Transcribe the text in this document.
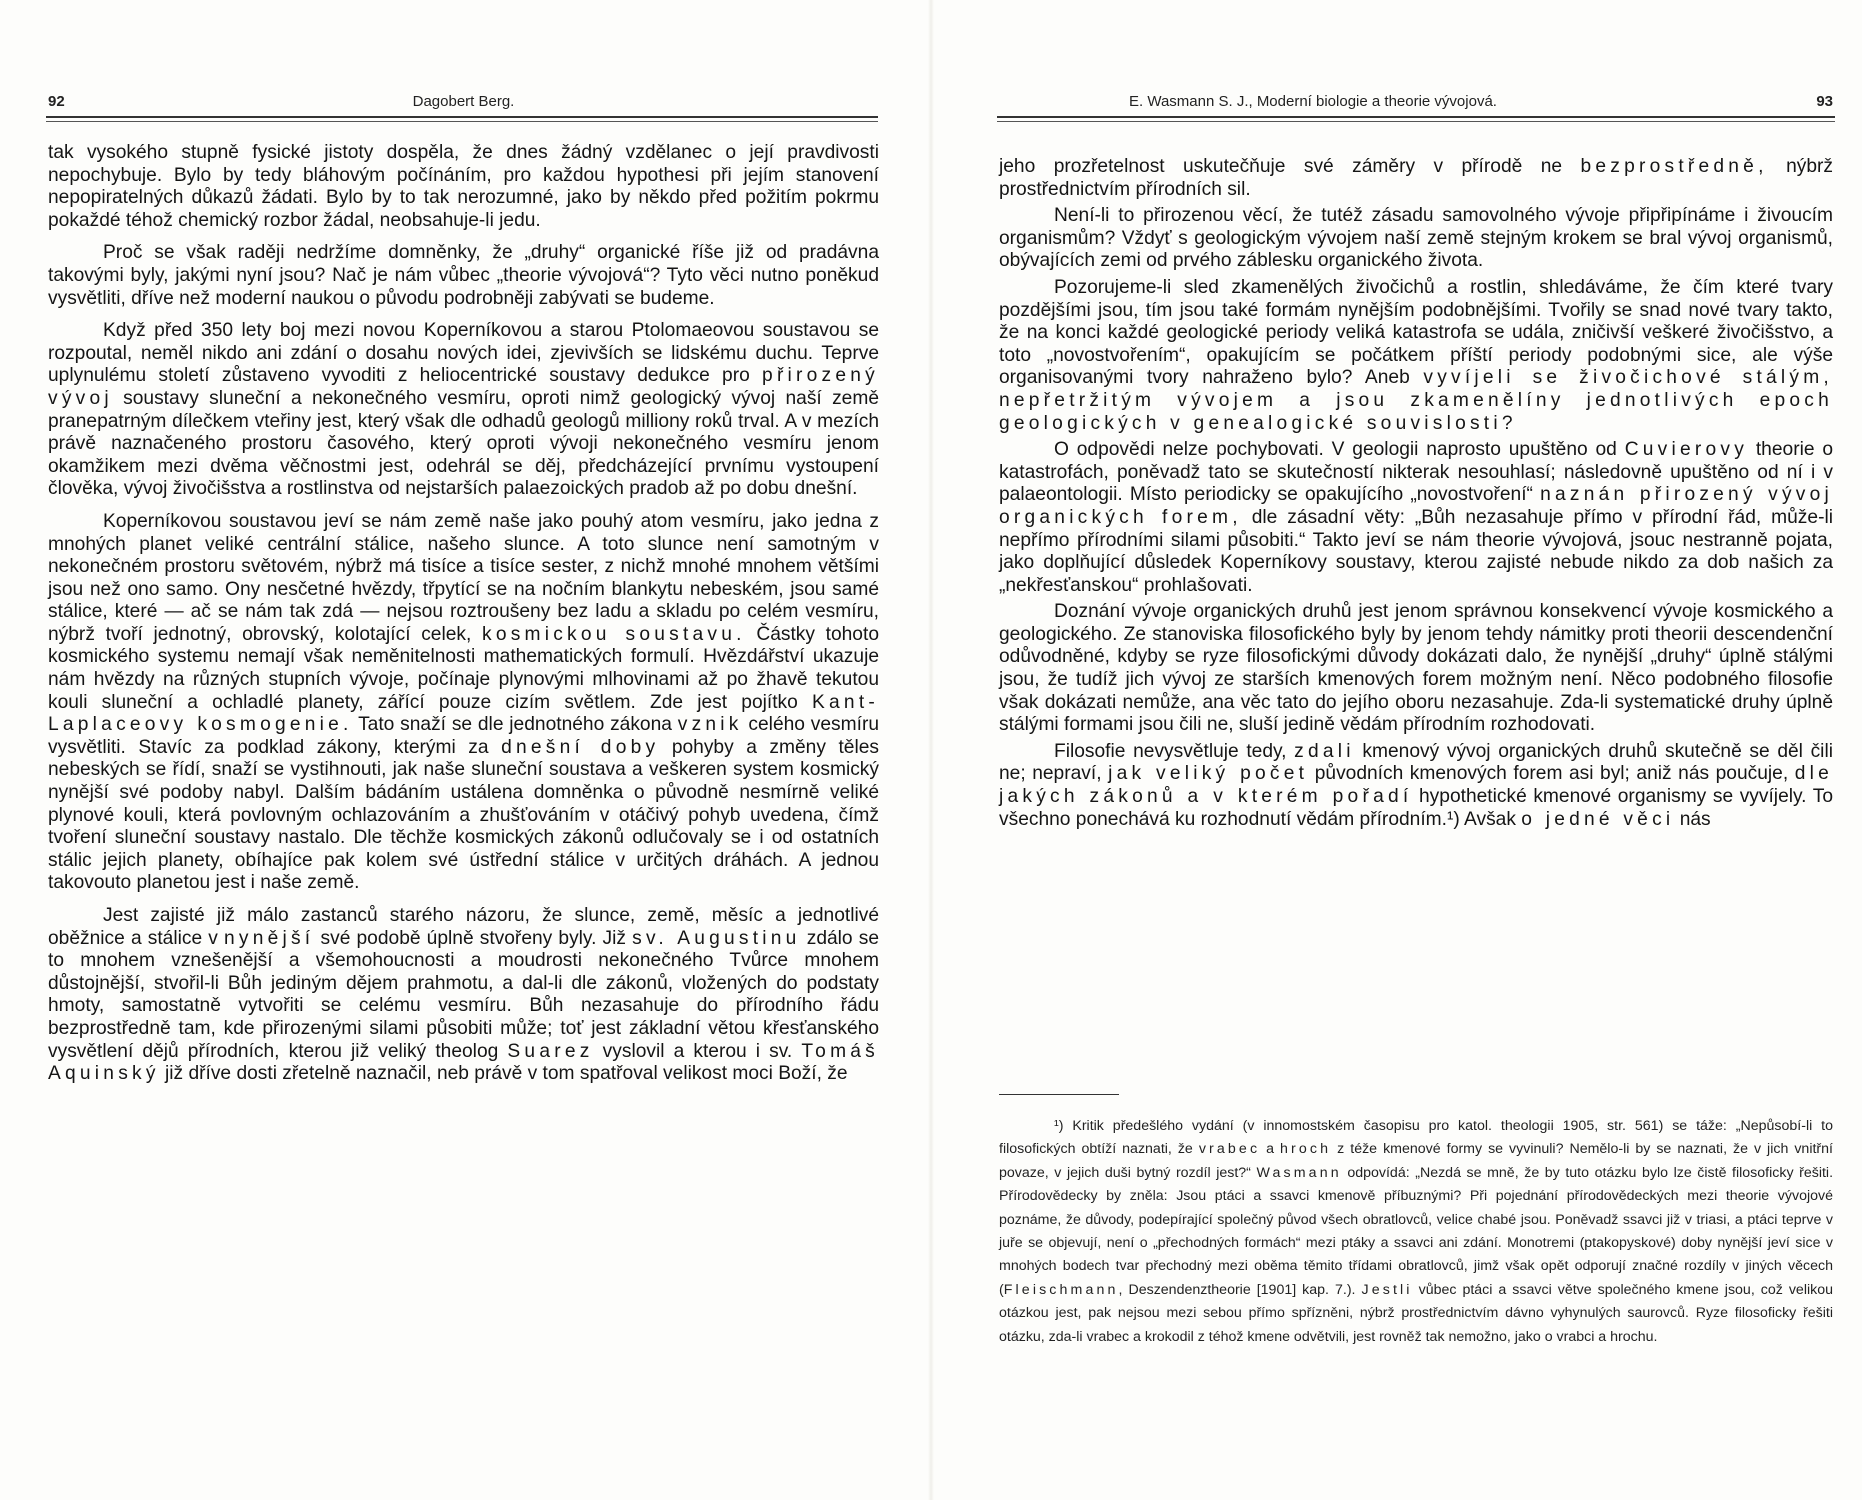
92	Dagobert Berg.

tak vysokého stupně fysické jistoty dospěla, že dnes žádný vzdělanec o její pravdivosti nepochybuje. Bylo by tedy bláhovým počínáním, pro každou hypothesi při jejím stanovení nepopiratelných důkazů žádati. Bylo by to tak nerozumné, jako by někdo před požitím pokrmu pokaždé téhož chemický rozbor žádal, neobsahuje-li jedu.

Proč se však raději nedržíme domněnky, že „druhy“ organické říše již od pradávna takovými byly, jakými nyní jsou? Nač je nám vůbec „theorie vývojová“? Tyto věci nutno poněkud vysvětliti, dříve než moderní naukou o původu podrobněji zabývati se budeme.

Když před 350 lety boj mezi novou Koperníkovou a starou Ptolomaeovou soustavou se rozpoutal, neměl nikdo ani zdání o dosahu nových idei, zjevivších se lidskému duchu. Teprve uplynulému století zůstaveno vyvoditi z heliocentrické soustavy dedukce pro přirozený vývoj soustavy sluneční a nekonečného vesmíru, oproti nimž geologický vývoj naší země pranepatrným dílečkem vteřiny jest, který však dle odhadů geologů milliony roků trval. A v mezích právě naznačeného prostoru časového, který oproti vývoji nekonečného vesmíru jenom okamžikem mezi dvěma věčnostmi jest, odehrál se děj, předcházející prvnímu vystoupení člověka, vývoj živočišstva a rostlinstva od nejstarších palaezoických pradob až po dobu dnešní.

Koperníkovou soustavou jeví se nám země naše jako pouhý atom vesmíru, jako jedna z mnohých planet veliké centrální stálice, našeho slunce. A toto slunce není samotným v nekonečném prostoru světovém, nýbrž má tisíce a tisíce sester, z nichž mnohé mnohem většími jsou než ono samo. Ony nesčetné hvězdy, třpytící se na nočním blankytu nebeském, jsou samé stálice, které — ač se nám tak zdá — nejsou roztroušeny bez ladu a skladu po celém vesmíru, nýbrž tvoří jednotný, obrovský, kolotající celek, kosmickou soustavu. Částky tohoto kosmického systemu nemají však neměnitelnosti mathematických formulí. Hvězdářství ukazuje nám hvězdy na různých stupních vývoje, počínaje plynovými mlhovinami až po žhavě tekutou kouli sluneční a ochladlé planety, zářící pouze cizím světlem. Zde jest pojítko Kant-Laplaceovy kosmogenie. Tato snaží se dle jednotného zákona vznik celého vesmíru vysvětliti. Stavíc za podklad zákony, kterými za dnešní doby pohyby a změny těles nebeských se řídí, snaží se vystihnouti, jak naše sluneční soustava a veškeren system kosmický nynější své podoby nabyl. Dalším bádáním ustálena domněnka o původně nesmírně veliké plynové kouli, která povlovným ochlazováním a zhušťováním v otáčivý pohyb uvedena, čímž tvoření sluneční soustavy nastalo. Dle těchže kosmických zákonů odlučovaly se i od ostatních stálic jejich planety, obíhajíce pak kolem své ústřední stálice v určitých dráhách. A jednou takovouto planetou jest i naše země.

Jest zajisté již málo zastanců starého názoru, že slunce, země, měsíc a jednotlivé oběžnice a stálice v nynější své podobě úplně stvořeny byly. Již sv. Augustinu zdálo se to mnohem vznešenější a všemohoucnosti a moudrosti nekonečného Tvůrce mnohem důstojnější, stvořil-li Bůh jediným dějem prahmotu, a dal-li dle zákonů, vložených do podstaty hmoty, samostatně vytvořiti se celému vesmíru. Bůh nezasahuje do přírodního řádu bezprostředně tam, kde přirozenými silami působiti může; toť jest základní větou křesťanského vysvětlení dějů přírodních, kterou již veliký theolog Suarez vyslovil a kterou i sv. Tomáš Aquinský již dříve dosti zřetelně naznačil, neb právě v tom spatřoval velikost moci Boží, že

E. Wasmann S. J., Moderní biologie a theorie vývojová.	93

jeho prozřetelnost uskutečňuje své záměry v přírodě ne bezprostředně, nýbrž prostřednictvím přírodních sil.

Není-li to přirozenou věcí, že tutéž zásadu samovolného vývoje připřipínáme i živoucím organismům? Vždyť s geologickým vývojem naší země stejným krokem se bral vývoj organismů, obývajících zemi od prvého záblesku organického života.

Pozorujeme-li sled zkamenělých živočichů a rostlin, shledáváme, že čím které tvary pozdějšími jsou, tím jsou také formám nynějším podobnějšími. Tvořily se snad nové tvary takto, že na konci každé geologické periody veliká katastrofa se udála, zničivší veškeré živočišstvo, a toto „novostvořením“, opakujícím se počátkem příští periody podobnými sice, ale výše organisovanými tvory nahraženo bylo? Aneb vyvíjeli se živočichové stálým, nepřetržitým vývojem a jsou zkamenělíny jednotlivých epoch geologických v genealogické souvislosti?

O odpovědi nelze pochybovati. V geologii naprosto upuštěno od Cuvierovy theorie o katastrofách, poněvadž tato se skutečností nikterak nesouhlasí; následovně upuštěno od ní i v palaeontologii. Místo periodicky se opakujícího „novostvoření“ naznán přirozený vývoj organických forem, dle zásadní věty: „Bůh nezasahuje přímo v přírodní řád, může-li nepřímo přírodními silami působiti.“ Takto jeví se nám theorie vývojová, jsouc nestranně pojata, jako doplňující důsledek Koperníkovy soustavy, kterou zajisté nebude nikdo za dob našich za „nekřesťanskou“ prohlašovati.

Doznání vývoje organických druhů jest jenom správnou konsekvencí vývoje kosmického a geologického. Ze stanoviska filosofického byly by jenom tehdy námitky proti theorii descendenční odůvodněné, kdyby se ryze filosofickými důvody dokázati dalo, že nynější „druhy“ úplně stálými jsou, že tudíž jich vývoj ze starších kmenových forem možným není. Něco podobného filosofie však dokázati nemůže, ana věc tato do jejího oboru nezasahuje. Zda-li systematické druhy úplně stálými formami jsou čili ne, sluší jedině vědám přírodním rozhodovati.

Filosofie nevysvětluje tedy, zdali kmenový vývoj organických druhů skutečně se děl čili ne; nepraví, jak veliký počet původních kmenových forem asi byl; aniž nás poučuje, dle jakých zákonů a v kterém pořadí hypothetické kmenové organismy se vyvíjely. To všechno ponechává ku rozhodnutí vědám přírodním.¹) Avšak o jedné věci nás

¹) Kritik předešlého vydání (v innomostském časopisu pro katol. theologii 1905, str. 561) se táže: „Nepůsobí-li to filosofických obtíží naznati, že vrabec a hroch z téže kmenové formy se vyvinuli? Nemělo-li by se naznati, že v jich vnitřní povaze, v jejich duši bytný rozdíl jest?“ Wasmann odpovídá: „Nezdá se mně, že by tuto otázku bylo lze čistě filosoficky řešiti. Přírodovědecky by zněla: Jsou ptáci a ssavci kmenově příbuznými? Při pojednání přírodovědeckých mezi theorie vývojové poznáme, že důvody, podepírající společný původ všech obratlovců, velice chabé jsou. Poněvadž ssavci již v triasi, a ptáci teprve v juře se objevují, není o „přechodných formách“ mezi ptáky a ssavci ani zdání. Monotremi (ptakopyskové) doby nynější jeví sice v mnohých bodech tvar přechodný mezi oběma těmito třídami obratlovců, jimž však opět odporují značné rozdíly v jiných věcech (Fleischmann, Deszendenztheorie [1901] kap. 7.). Jestli vůbec ptáci a ssavci větve společného kmene jsou, což velikou otázkou jest, pak nejsou mezi sebou přímo spřízněni, nýbrž prostřednictvím dávno vyhynulých saurovců. Ryze filosoficky řešiti otázku, zda-li vrabec a krokodil z téhož kmene odvětvili, jest rovněž tak nemožno, jako o vrabci a hrochu.
